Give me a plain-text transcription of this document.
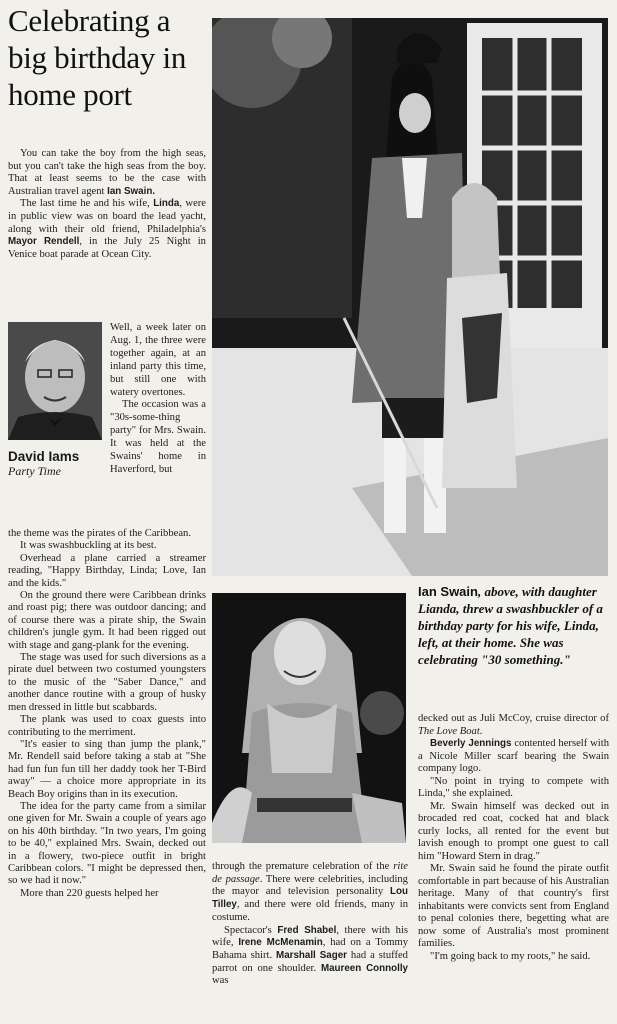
Celebrating a big birthday in home port

You can take the boy from the high seas, but you can't take the high seas from the boy. That at least seems to be the case with Australian travel agent Ian Swain.

The last time he and his wife, Linda, were in public view was on board the lead yacht, along with their old friend, Philadelphia's Mayor Rendell, in the July 25 Night in Venice boat parade at Ocean City.

David Iams
Party Time

Well, a week later on Aug. 1, the three were together again, at an inland party this time, but still one with watery overtones.

The occasion was a "30s-some-thing party" for Mrs. Swain. It was held at the Swains' home in Haverford, but

the theme was the pirates of the Caribbean.

It was swashbuckling at its best.

Overhead a plane carried a streamer reading, "Happy Birthday, Linda; Love, Ian and the kids."

On the ground there were Caribbean drinks and roast pig; there was outdoor dancing; and of course there was a pirate ship, the Swain children's jungle gym. It had been rigged out with stage and gang-plank for the evening.

The stage was used for such diversions as a pirate duel between two costumed youngsters to the music of the "Saber Dance," and another dance routine with a group of husky men dressed in little but scabbards.

The plank was used to coax guests into contributing to the merriment.

"It's easier to sing than jump the plank," Mr. Rendell said before taking a stab at "She had fun fun fun till her daddy took her T-Bird away" — a choice more appropriate in its Beach Boy origins than in its execution.

The idea for the party came from a similar one given for Mr. Swain a couple of years ago on his 40th birthday. "In two years, I'm going to be 40," explained Mrs. Swain, decked out in a flowery, two-piece outfit in bright Caribbean colors. "I might be depressed then, so we had it now."

More than 220 guests helped her

Ian Swain, above, with daughter Lianda, threw a swashbuckler of a birthday party for his wife, Linda, left, at their home. She was celebrating "30 something."

decked out as Juli McCoy, cruise director of The Love Boat.

Beverly Jennings contented herself with a Nicole Miller scarf bearing the Swain company logo.

"No point in trying to compete with Linda," she explained.

Mr. Swain himself was decked out in brocaded red coat, cocked hat and black curly locks, all rented for the event but lavish enough to prompt one guest to call him "Howard Stern in drag."

Mr. Swain said he found the pirate outfit comfortable in part because of his Australian heritage. Many of that country's first inhabitants were convicts sent from England to penal colonies there, begetting what are now some of Australia's most prominent families.

"I'm going back to my roots," he said.

through the premature celebration of the rite de passage. There were celebrities, including the mayor and television personality Lou Tilley, and there were old friends, many in costume.

Spectacor's Fred Shabel, there with his wife, Irene McMenamin, had on a Tommy Bahama shirt. Marshall Sager had a stuffed parrot on one shoulder. Maureen Connolly was
